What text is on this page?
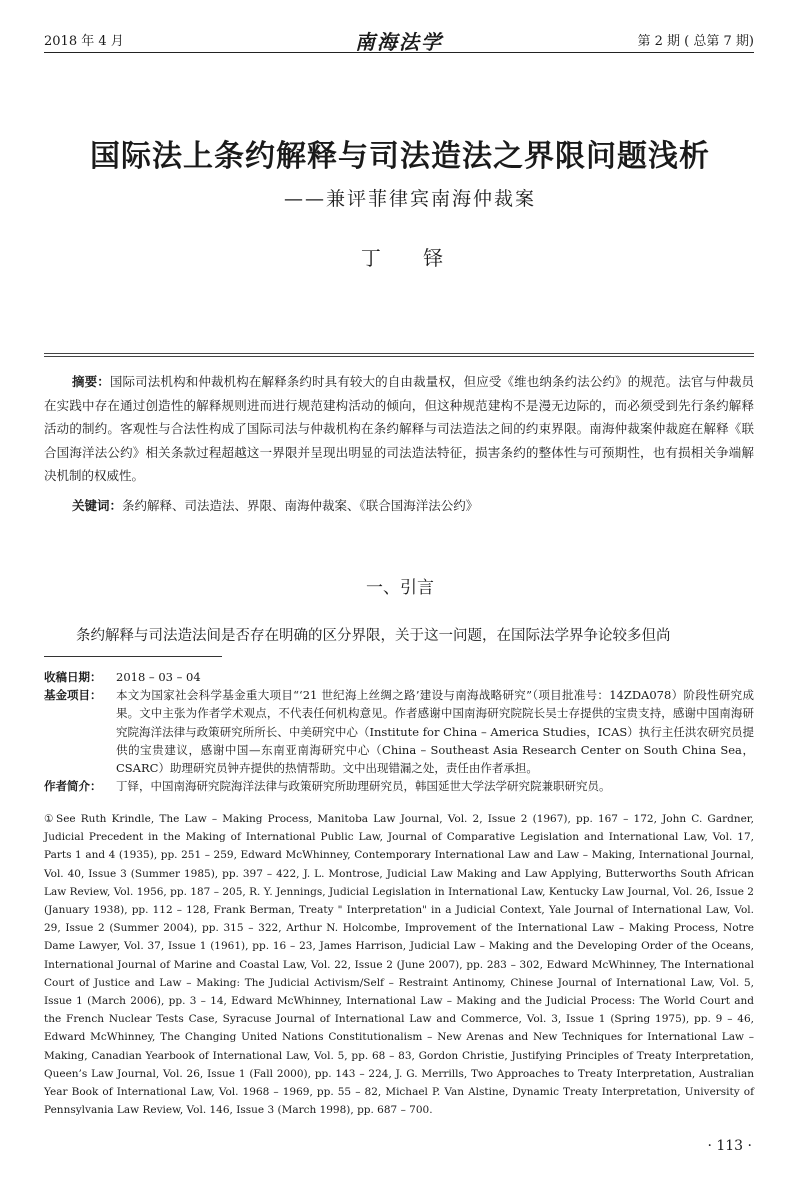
2018 年 4 月	南海法学	第 2 期 ( 总第 7 期)
国际法上条约解释与司法造法之界限问题浅析
——兼评菲律宾南海仲裁案
丁 铎
摘要：国际司法机构和仲裁机构在解释条约时具有较大的自由裁量权，但应受《维也纳条约法公约》的规范。法官与仲裁员在实践中存在通过创造性的解释规则进而进行规范建构活动的倾向，但这种规范建构不是漫无边际的，而必须受到先行条约解释活动的制约。客观性与合法性构成了国际司法与仲裁机构在条约解释与司法造法之间的约束界限。南海仲裁案仲裁庭在解释《联合国海洋法公约》相关条款过程超越这一界限并呈现出明显的司法造法特征，损害条约的整体性与可预期性，也有损相关争端解决机制的权威性。
关键词：条约解释、司法造法、界限、南海仲裁案、《联合国海洋法公约》
一、引言
条约解释与司法造法间是否存在明确的区分界限，关于这一问题，在国际法学界争论较多但尚
收稿日期：	2018 – 03 – 04
基金项目：	本文为国家社会科学基金重大项目“‘21 世纪海上丝绸之路’建设与南海战略研究”（项目批准号：14ZDA078）阶段性研究成果。文中主张为作者学术观点，不代表任何机构意见。作者感谢中国南海研究院院长吴士存提供的宝贵支持，感谢中国南海研究院海洋法律与政策研究所所长、中美研究中心（Institute for China – America Studies，ICAS）执行主任洪农研究员提供的宝贵建议，感谢中国—东南亚南海研究中心（China – Southeast Asia Research Center on South China Sea，CSARC）助理研究员钟卉提供的热情帮助。文中出现错漏之处，责任由作者承担。
作者简介：	丁铎，中国南海研究院海洋法律与政策研究所助理研究员，韩国延世大学法学研究院兼职研究员。
① See Ruth Krindle, The Law – Making Process, Manitoba Law Journal, Vol. 2, Issue 2 (1967), pp. 167 – 172, John C. Gardner, Judicial Precedent in the Making of International Public Law, Journal of Comparative Legislation and International Law, Vol. 17, Parts 1 and 4 (1935), pp. 251 – 259, Edward McWhinney, Contemporary International Law and Law – Making, International Journal, Vol. 40, Issue 3 (Summer 1985), pp. 397 – 422, J. L. Montrose, Judicial Law Making and Law Applying, Butterworths South African Law Review, Vol. 1956, pp. 187 – 205, R. Y. Jennings, Judicial Legislation in International Law, Kentucky Law Journal, Vol. 26, Issue 2 (January 1938), pp. 112 – 128, Frank Berman, Treaty " Interpretation" in a Judicial Context, Yale Journal of International Law, Vol. 29, Issue 2 (Summer 2004), pp. 315 – 322, Arthur N. Holcombe, Improvement of the International Law – Making Process, Notre Dame Lawyer, Vol. 37, Issue 1 (1961), pp. 16 – 23, James Harrison, Judicial Law – Making and the Developing Order of the Oceans, International Journal of Marine and Coastal Law, Vol. 22, Issue 2 (June 2007), pp. 283 – 302, Edward McWhinney, The International Court of Justice and Law – Making: The Judicial Activism/Self – Restraint Antinomy, Chinese Journal of International Law, Vol. 5, Issue 1 (March 2006), pp. 3 – 14, Edward McWhinney, International Law – Making and the Judicial Process: The World Court and the French Nuclear Tests Case, Syracuse Journal of International Law and Commerce, Vol. 3, Issue 1 (Spring 1975), pp. 9 – 46, Edward McWhinney, The Changing United Nations Constitutionalism – New Arenas and New Techniques for International Law – Making, Canadian Yearbook of International Law, Vol. 5, pp. 68 – 83, Gordon Christie, Justifying Principles of Treaty Interpretation, Queen’s Law Journal, Vol. 26, Issue 1 (Fall 2000), pp. 143 – 224, J. G. Merrills, Two Approaches to Treaty Interpretation, Australian Year Book of International Law, Vol. 1968 – 1969, pp. 55 – 82, Michael P. Van Alstine, Dynamic Treaty Interpretation, University of Pennsylvania Law Review, Vol. 146, Issue 3 (March 1998), pp. 687 – 700.
· 113 ·
